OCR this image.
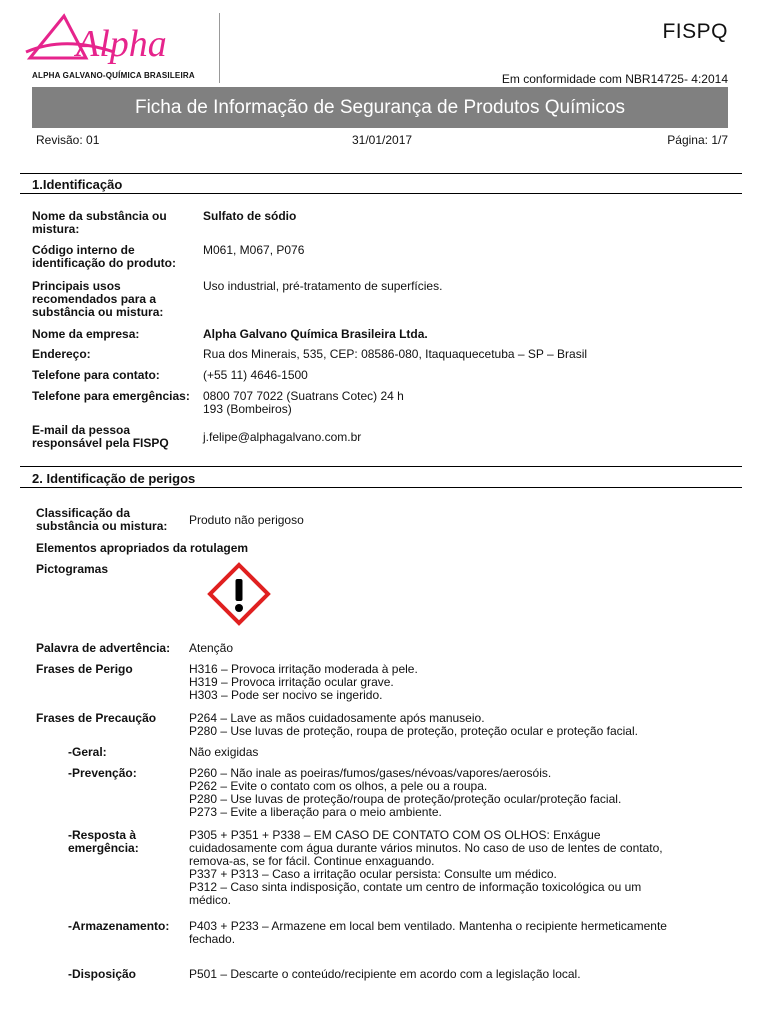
Alpha
ALPHA GALVANO-QUÍMICA BRASILEIRA
FISPQ
Em conformidade com NBR14725- 4:2014
Ficha de Informação de Segurança de Produtos Químicos
Revisão: 01	31/01/2017	Página: 1/7
1.Identificação
Nome da substância ou mistura:
Sulfato de sódio
Código interno de identificação do produto:
M061, M067, P076
Principais usos recomendados para a substância ou mistura:
Uso industrial, pré-tratamento de superfícies.
Nome da empresa:	Alpha Galvano Química Brasileira Ltda.
Endereço:	Rua dos Minerais, 535, CEP: 08586-080, Itaquaquecetuba – SP – Brasil
Telefone para contato:	(+55 11) 4646-1500
Telefone para emergências:	0800 707 7022 (Suatrans Cotec) 24 h
193 (Bombeiros)
E-mail da pessoa responsável pela FISPQ	j.felipe@alphagalvano.com.br
2. Identificação de perigos
Classificação da substância ou mistura:	Produto não perigoso
Elementos apropriados da rotulagem
Pictogramas
Palavra de advertência:	Atenção
Frases de Perigo	H316 – Provoca irritação moderada à pele.
H319 – Provoca irritação ocular grave.
H303 – Pode ser nocivo se ingerido.
Frases de Precaução	P264 – Lave as mãos cuidadosamente após manuseio.
P280 – Use luvas de proteção, roupa de proteção, proteção ocular e proteção facial.
-Geral:	Não exigidas
-Prevenção:	P260 – Não inale as poeiras/fumos/gases/névoas/vapores/aerosóis.
P262 – Evite o contato com os olhos, a pele ou a roupa.
P280 – Use luvas de proteção/roupa de proteção/proteção ocular/proteção facial.
P273 – Evite a liberação para o meio ambiente.
-Resposta à emergência:
P305 + P351 + P338 – EM CASO DE CONTATO COM OS OLHOS: Enxágue
cuidadosamente com água durante vários minutos. No caso de uso de lentes de contato,
remova-as, se for fácil. Continue enxaguando.
P337 + P313 – Caso a irritação ocular persista: Consulte um médico.
P312 – Caso sinta indisposição, contate um centro de informação toxicológica ou um
médico.
-Armazenamento:	P403 + P233 – Armazene em local bem ventilado. Mantenha o recipiente hermeticamente
fechado.
-Disposição	P501 – Descarte o conteúdo/recipiente em acordo com a legislação local.
